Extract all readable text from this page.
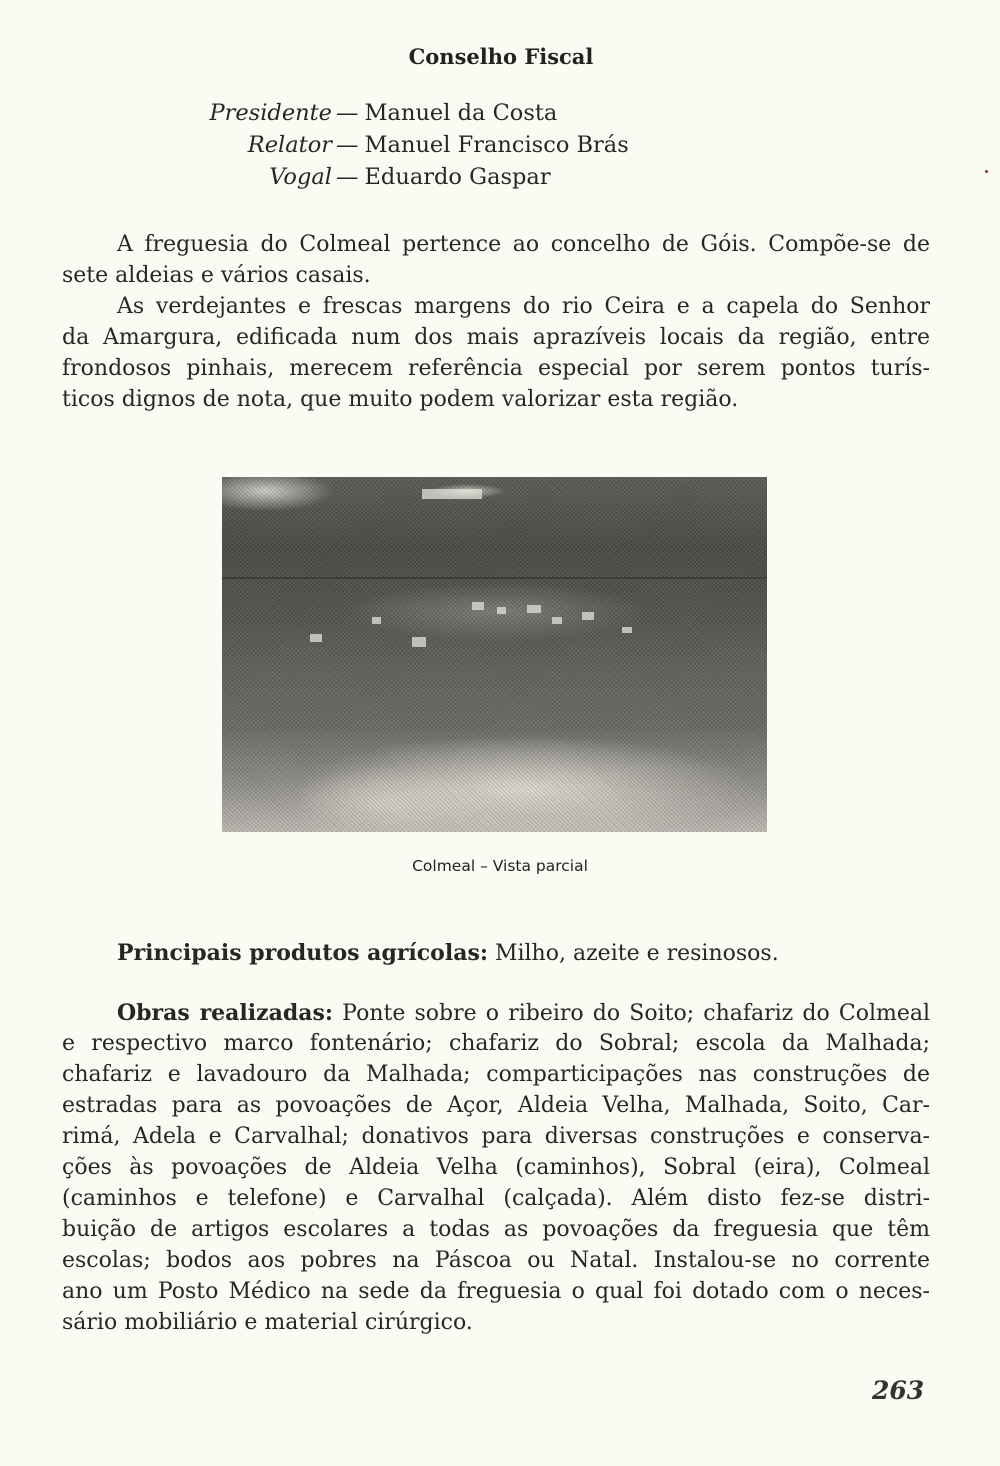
Conselho Fiscal
Presidente — Manuel da Costa
Relator — Manuel Francisco Brás
Vogal — Eduardo Gaspar
A freguesia do Colmeal pertence ao concelho de Góis. Compõe-se de
sete aldeias e vários casais.
As verdejantes e frescas margens do rio Ceira e a capela do Senhor
da Amargura, edificada num dos mais aprazíveis locais da região, entre
frondosos pinhais, merecem referência especial por serem pontos turís-
ticos dignos de nota, que muito podem valorizar esta região.
Colmeal – Vista parcial
Principais produtos agrícolas: Milho, azeite e resinosos.
Obras realizadas: Ponte sobre o ribeiro do Soito; chafariz do Colmeal
e respectivo marco fontenário; chafariz do Sobral; escola da Malhada;
chafariz e lavadouro da Malhada; comparticipações nas construções de
estradas para as povoações de Açor, Aldeia Velha, Malhada, Soito, Car-
rimá, Adela e Carvalhal; donativos para diversas construções e conserva-
ções às povoações de Aldeia Velha (caminhos), Sobral (eira), Colmeal
(caminhos e telefone) e Carvalhal (calçada). Além disto fez-se distri-
buição de artigos escolares a todas as povoações da freguesia que têm
escolas; bodos aos pobres na Páscoa ou Natal. Instalou-se no corrente
ano um Posto Médico na sede da freguesia o qual foi dotado com o neces-
sário mobiliário e material cirúrgico.
263
